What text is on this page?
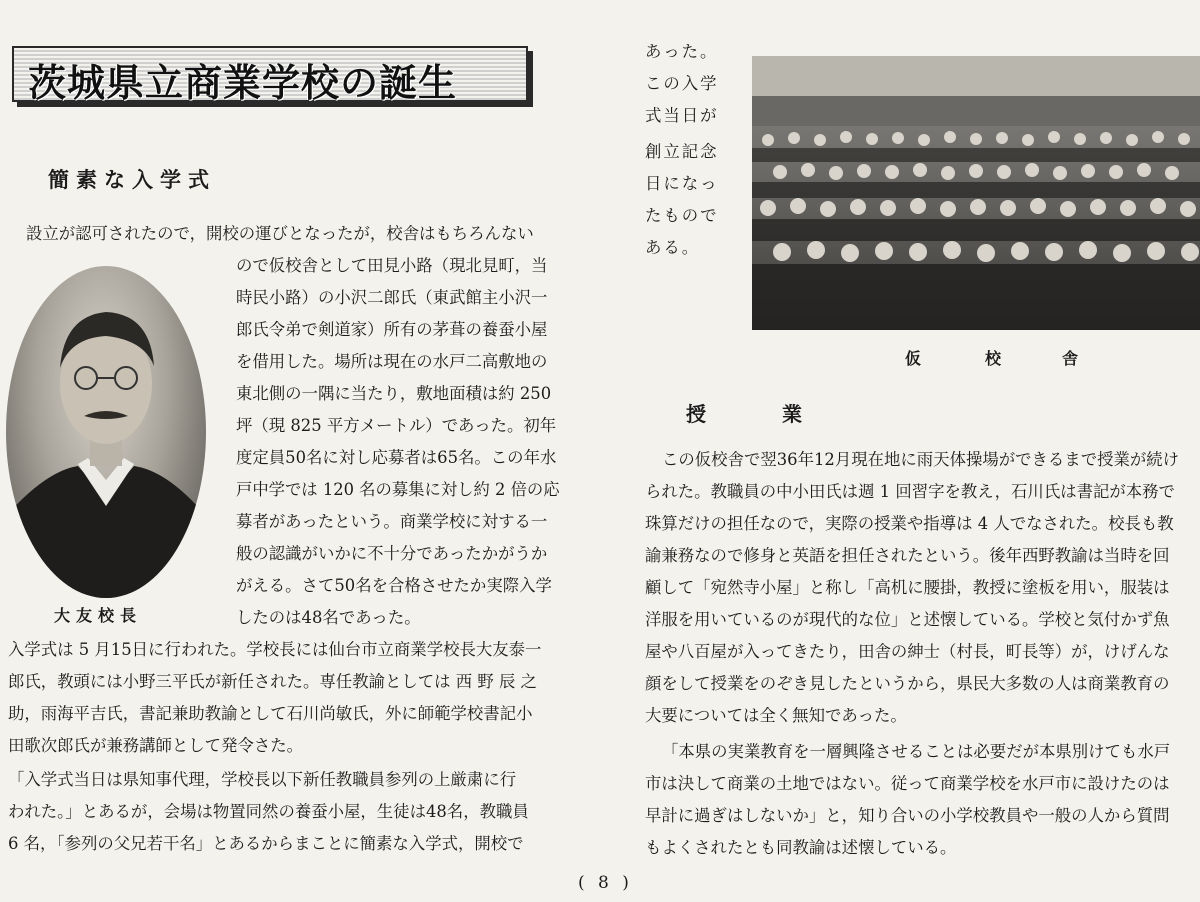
茨城県立商業学校の誕生
簡素な入学式
設立が認可されたので，開校の運びとなったが，校舎はもちろんない
ので仮校舎として田見小路（現北見町，当
時民小路）の小沢二郎氏（東武館主小沢一
郎氏令弟で剣道家）所有の茅葺の養蚕小屋
を借用した。場所は現在の水戸二高敷地の
東北側の一隅に当たり，敷地面積は約 250
坪（現 825 平方メートル）であった。初年
度定員50名に対し応募者は65名。この年水
戸中学では 120 名の募集に対し約 2 倍の応
募者があったという。商業学校に対する一
般の認識がいかに不十分であったかがうか
がえる。さて50名を合格させたか実際入学
したのは48名であった。
大友校長
入学式は 5 月15日に行われた。学校長には仙台市立商業学校長大友泰一
郎氏，教頭には小野三平氏が新任された。専任教諭としては 西 野 辰 之
助，雨海平吉氏，書記兼助教諭として石川尚敏氏，外に師範学校書記小
田歌次郎氏が兼務講師として発令さた。
「入学式当日は県知事代理，学校長以下新任教職員参列の上厳粛に行
われた。」とあるが，会場は物置同然の養蚕小屋，生徒は48名，教職員
6 名，「参列の父兄若干名」とあるからまことに簡素な入学式，開校で
あった。
この入学
式当日が
創立記念
日になっ
たもので
ある。
仮	校	舎
授業
この仮校舎で翌36年12月現在地に雨天体操場ができるまで授業が続け
られた。教職員の中小田氏は週 1 回習字を教え，石川氏は書記が本務で
珠算だけの担任なので，実際の授業や指導は 4 人でなされた。校長も教
諭兼務なので修身と英語を担任されたという。後年西野教諭は当時を回
顧して「宛然寺小屋」と称し「高机に腰掛，教授に塗板を用い，服装は
洋服を用いているのが現代的な位」と述懐している。学校と気付かず魚
屋や八百屋が入ってきたり，田舎の紳士（村長，町長等）が，けげんな
顔をして授業をのぞき見したというから，県民大多数の人は商業教育の
大要については全く無知であった。
「本県の実業教育を一層興隆させることは必要だが本県別けても水戸
市は決して商業の土地ではない。従って商業学校を水戸市に設けたのは
早計に過ぎはしないか」と，知り合いの小学校教員や一般の人から質問
もよくされたとも同教諭は述懐している。
( 8 )
